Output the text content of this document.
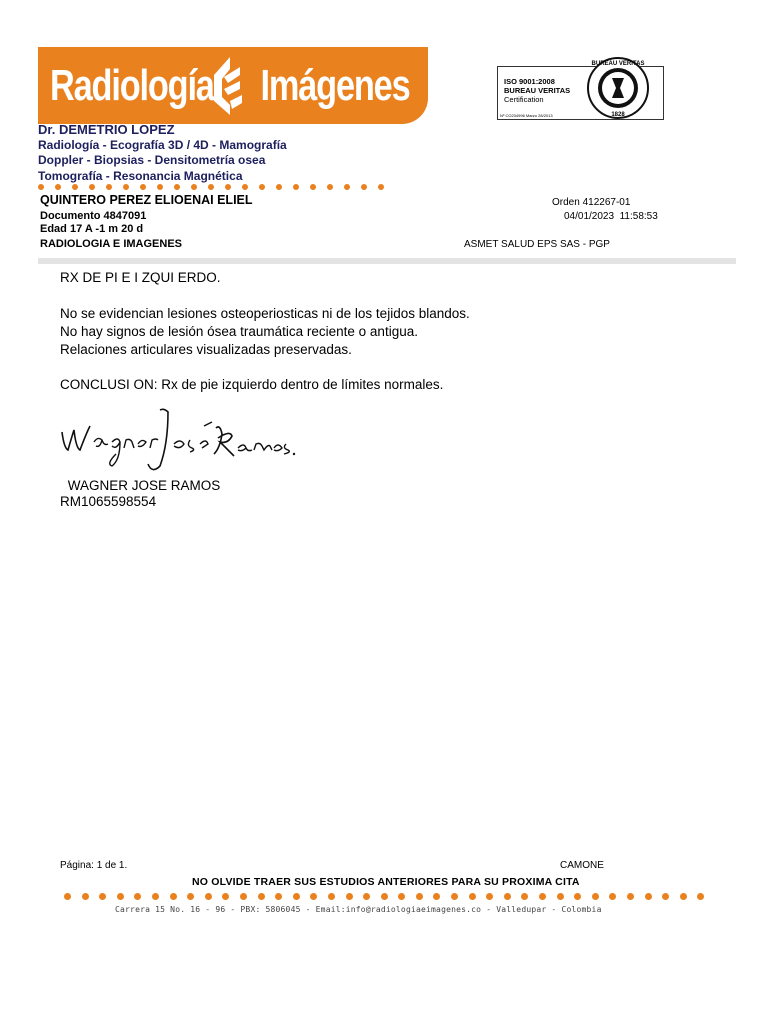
Radiología Imágenes
Dr. DEMETRIO LOPEZ
Radiología - Ecografía 3D / 4D - Mamografía
Doppler - Biopsias - Densitometría osea
Tomografía - Resonancia Magnética
ISO 9001:2008
BUREAU VERITAS
Certification
Nº CO234996 Marzo 28/2013
BUREAU VERITAS
1828
QUINTERO PEREZ ELIOENAI ELIEL
Documento 4847091
Edad 17 A -1 m 20 d
RADIOLOGIA E IMAGENES
Orden 412267-01
04/01/2023  11:58:53
ASMET SALUD EPS SAS - PGP
RX DE PI E I ZQUI ERDO.
No se evidencian lesiones osteoperiosticas ni de los tejidos blandos.
No hay signos de lesión ósea traumática reciente o antigua.
Relaciones articulares visualizadas preservadas.
CONCLUSI ON: Rx de pie izquierdo dentro de límites normales.
WAGNER JOSE RAMOS
RM1065598554
Página: 1 de 1.	CAMONE
NO OLVIDE TRAER SUS ESTUDIOS ANTERIORES PARA SU PROXIMA CITA
Carrera 15 No. 16 - 96 - PBX: 5806045 - Email:info@radiologiaeimagenes.co - Valledupar - Colombia
